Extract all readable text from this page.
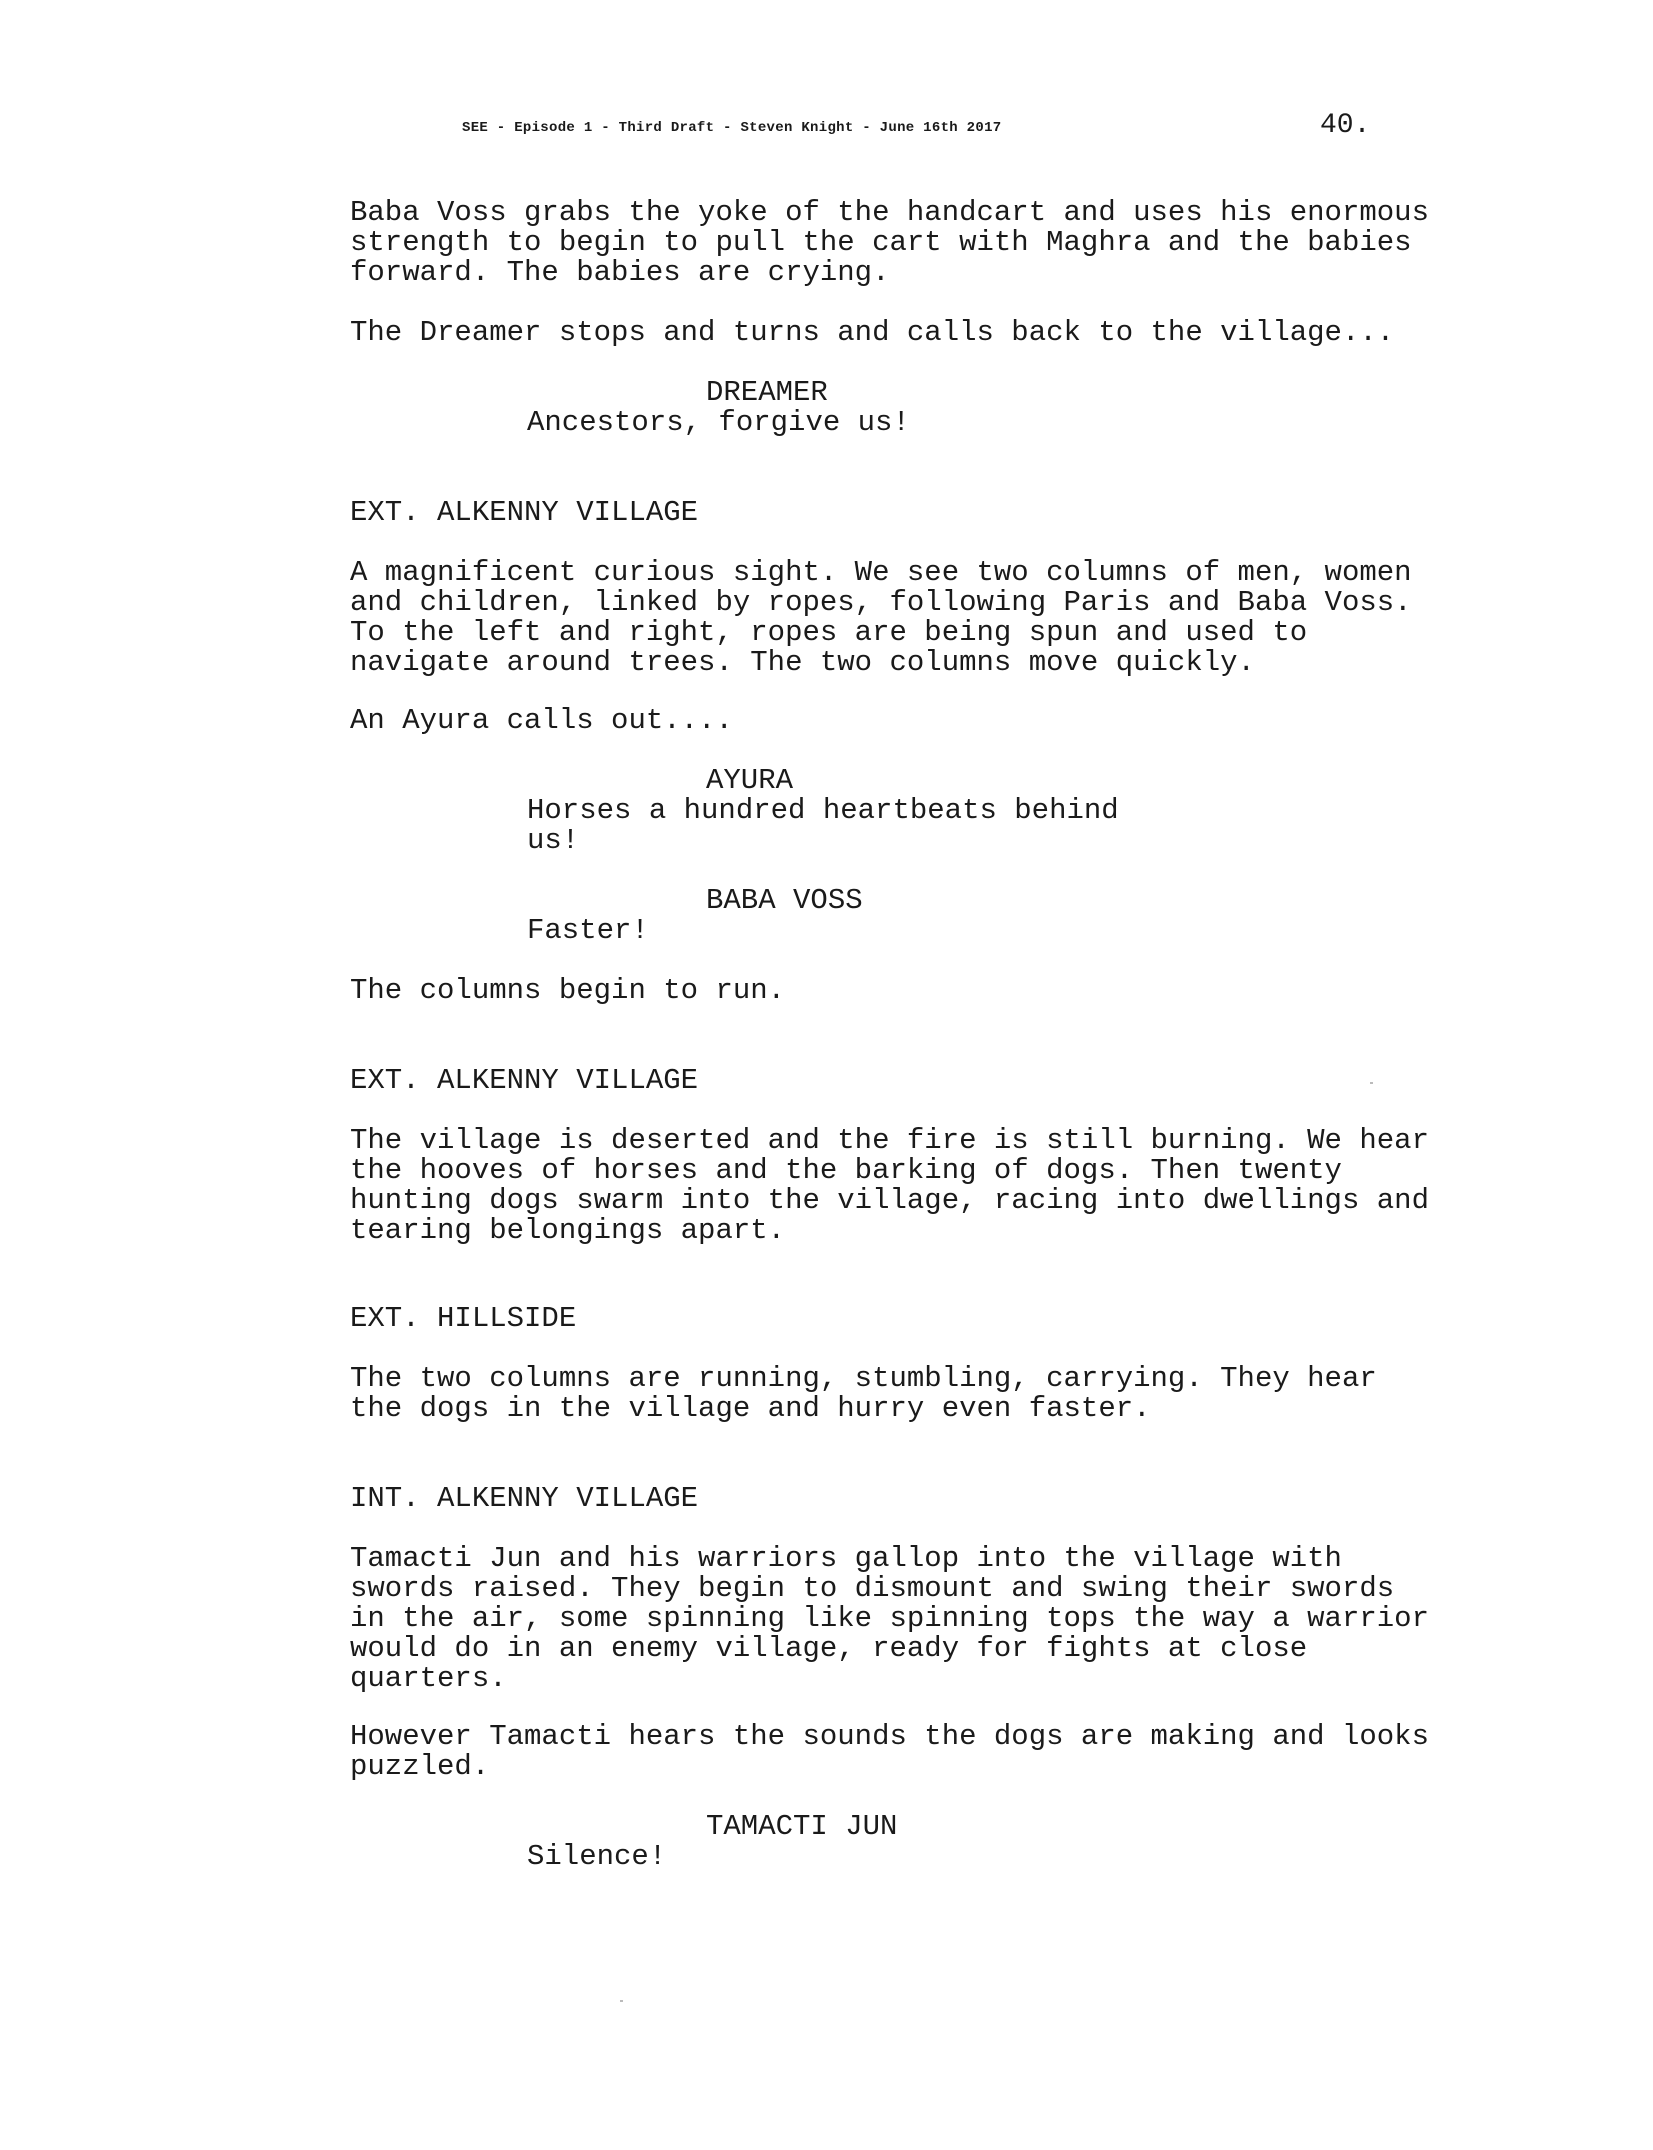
SEE - Episode 1 - Third Draft - Steven Knight - June 16th 2017	40.
Baba Voss grabs the yoke of the handcart and uses his enormous strength to begin to pull the cart with Maghra and the babies forward. The babies are crying.
The Dreamer stops and turns and calls back to the village...
DREAMER
Ancestors, forgive us!
EXT. ALKENNY VILLAGE
A magnificent curious sight. We see two columns of men, women and children, linked by ropes, following Paris and Baba Voss. To the left and right, ropes are being spun and used to navigate around trees. The two columns move quickly.
An Ayura calls out....
AYURA
Horses a hundred heartbeats behind us!
BABA VOSS
Faster!
The columns begin to run.
EXT. ALKENNY VILLAGE
The village is deserted and the fire is still burning. We hear the hooves of horses and the barking of dogs. Then twenty hunting dogs swarm into the village, racing into dwellings and tearing belongings apart.
EXT. HILLSIDE
The two columns are running, stumbling, carrying. They hear the dogs in the village and hurry even faster.
INT. ALKENNY VILLAGE
Tamacti Jun and his warriors gallop into the village with swords raised. They begin to dismount and swing their swords in the air, some spinning like spinning tops the way a warrior would do in an enemy village, ready for fights at close quarters.
However Tamacti hears the sounds the dogs are making and looks puzzled.
TAMACTI JUN
Silence!
